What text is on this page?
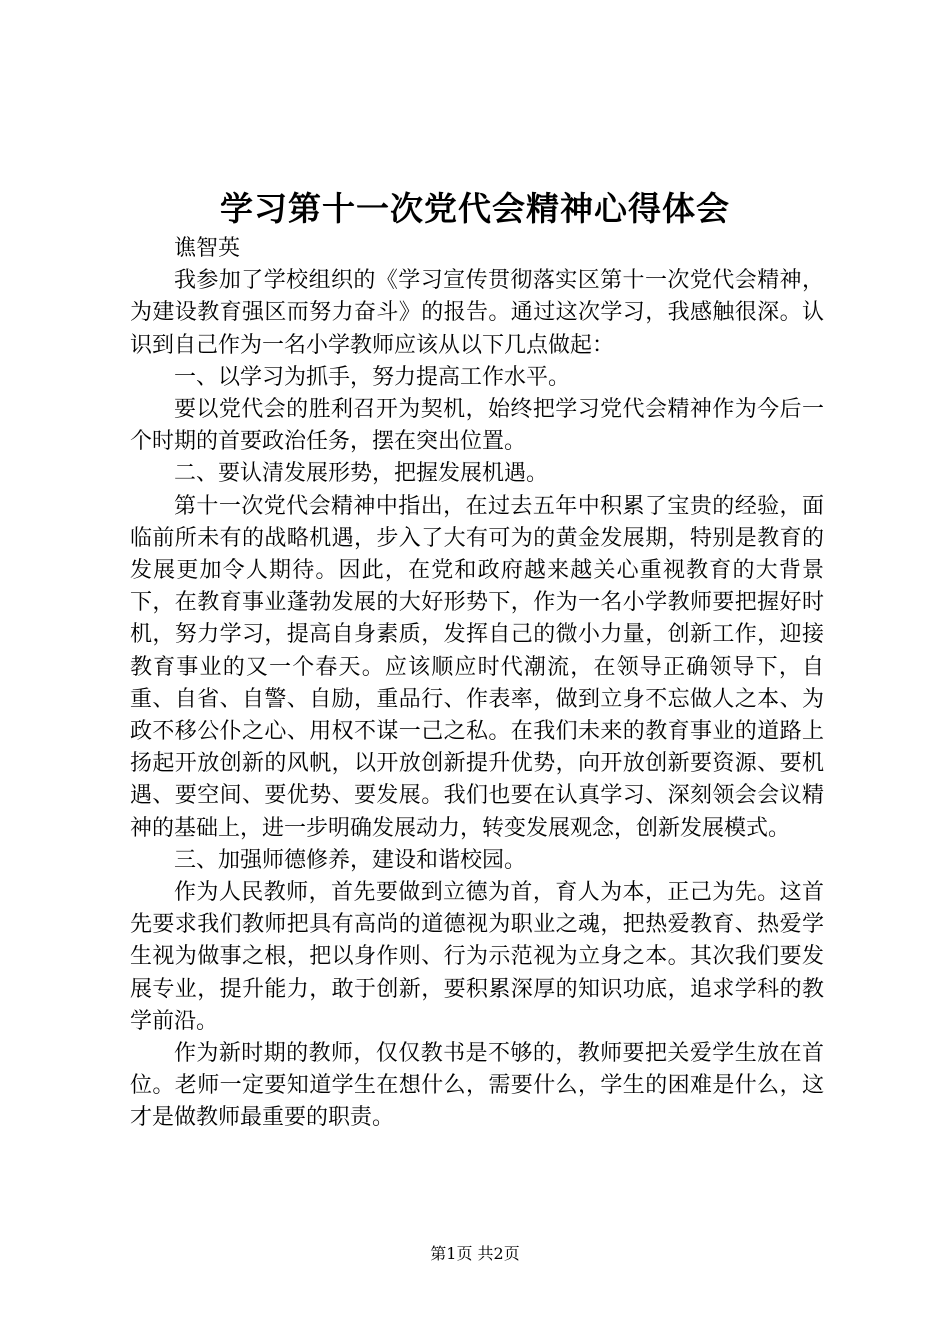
学习第十一次党代会精神心得体会

谯智英

我参加了学校组织的《学习宣传贯彻落实区第十一次党代会精神，为建设教育强区而努力奋斗》的报告。通过这次学习，我感触很深。认识到自己作为一名小学教师应该从以下几点做起：

一、以学习为抓手，努力提高工作水平。

要以党代会的胜利召开为契机，始终把学习党代会精神作为今后一个时期的首要政治任务，摆在突出位置。

二、要认清发展形势，把握发展机遇。

第十一次党代会精神中指出，在过去五年中积累了宝贵的经验，面临前所未有的战略机遇，步入了大有可为的黄金发展期，特别是教育的发展更加令人期待。因此，在党和政府越来越关心重视教育的大背景下，在教育事业蓬勃发展的大好形势下，作为一名小学教师要把握好时机，努力学习，提高自身素质，发挥自己的微小力量，创新工作，迎接教育事业的又一个春天。应该顺应时代潮流，在领导正确领导下，自重、自省、自警、自励，重品行、作表率，做到立身不忘做人之本、为政不移公仆之心、用权不谋一己之私。在我们未来的教育事业的道路上扬起开放创新的风帆，以开放创新提升优势，向开放创新要资源、要机遇、要空间、要优势、要发展。我们也要在认真学习、深刻领会会议精神的基础上，进一步明确发展动力，转变发展观念，创新发展模式。

三、加强师德修养，建设和谐校园。

作为人民教师，首先要做到立德为首，育人为本，正己为先。这首先要求我们教师把具有高尚的道德视为职业之魂，把热爱教育、热爱学生视为做事之根，把以身作则、行为示范视为立身之本。其次我们要发展专业，提升能力，敢于创新，要积累深厚的知识功底，追求学科的教学前沿。

作为新时期的教师，仅仅教书是不够的，教师要把关爱学生放在首位。老师一定要知道学生在想什么，需要什么，学生的困难是什么，这才是做教师最重要的职责。

第1页 共2页
